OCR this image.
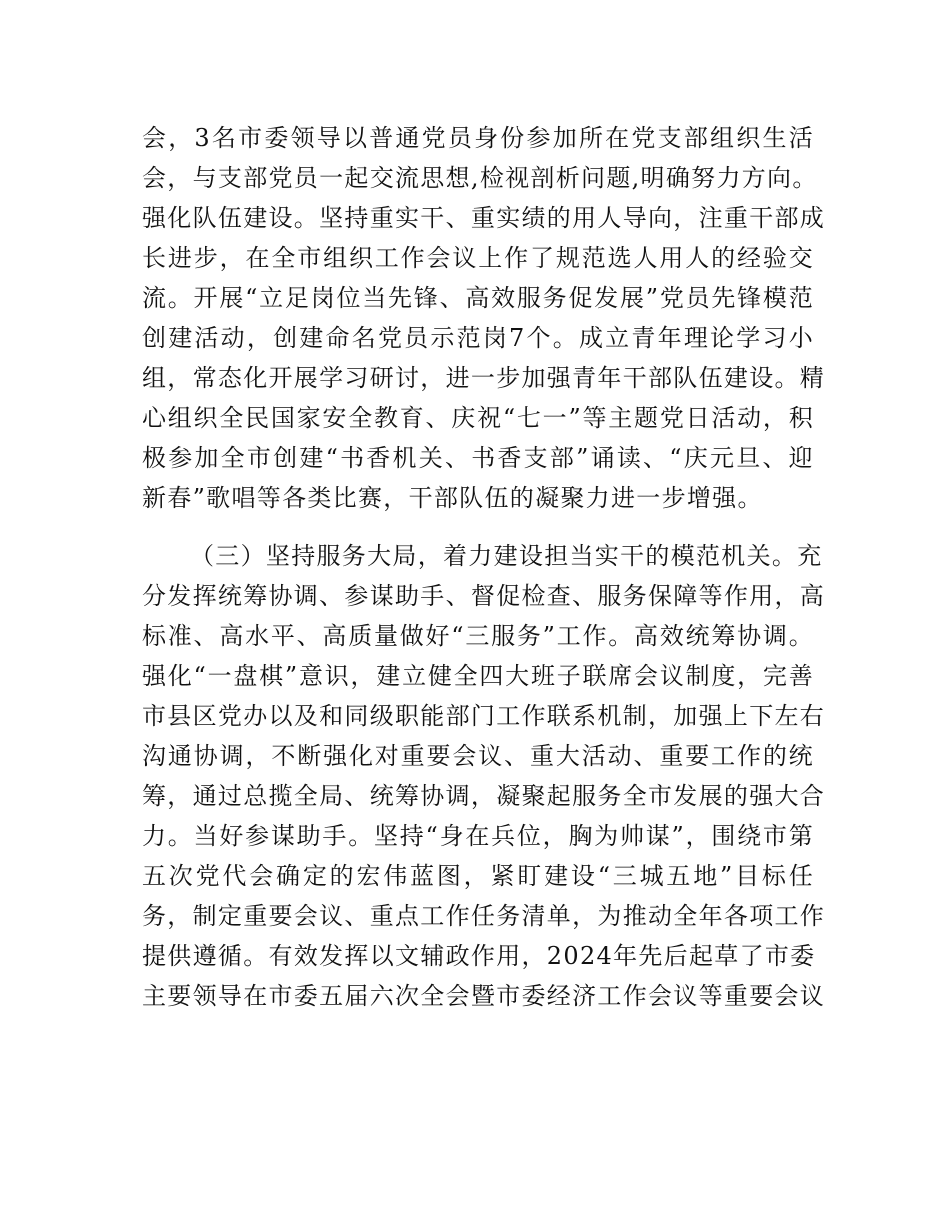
会，3名市委领导以普通党员身份参加所在党支部组织生活
会，与支部党员一起交流思想,检视剖析问题,明确努力方向。
强化队伍建设。坚持重实干、重实绩的用人导向，注重干部成
长进步，在全市组织工作会议上作了规范选人用人的经验交
流。开展“立足岗位当先锋、高效服务促发展”党员先锋模范
创建活动，创建命名党员示范岗7个。成立青年理论学习小
组，常态化开展学习研讨，进一步加强青年干部队伍建设。精
心组织全民国家安全教育、庆祝“七一”等主题党日活动，积
极参加全市创建“书香机关、书香支部”诵读、“庆元旦、迎
新春”歌唱等各类比赛，干部队伍的凝聚力进一步增强。
（三）坚持服务大局，着力建设担当实干的模范机关。充
分发挥统筹协调、参谋助手、督促检查、服务保障等作用，高
标准、高水平、高质量做好“三服务”工作。高效统筹协调。
强化“一盘棋”意识，建立健全四大班子联席会议制度，完善
市县区党办以及和同级职能部门工作联系机制，加强上下左右
沟通协调，不断强化对重要会议、重大活动、重要工作的统
筹，通过总揽全局、统筹协调，凝聚起服务全市发展的强大合
力。当好参谋助手。坚持“身在兵位，胸为帅谋”，围绕市第
五次党代会确定的宏伟蓝图，紧盯建设“三城五地”目标任
务，制定重要会议、重点工作任务清单，为推动全年各项工作
提供遵循。有效发挥以文辅政作用，2024年先后起草了市委
主要领导在市委五届六次全会暨市委经济工作会议等重要会议
